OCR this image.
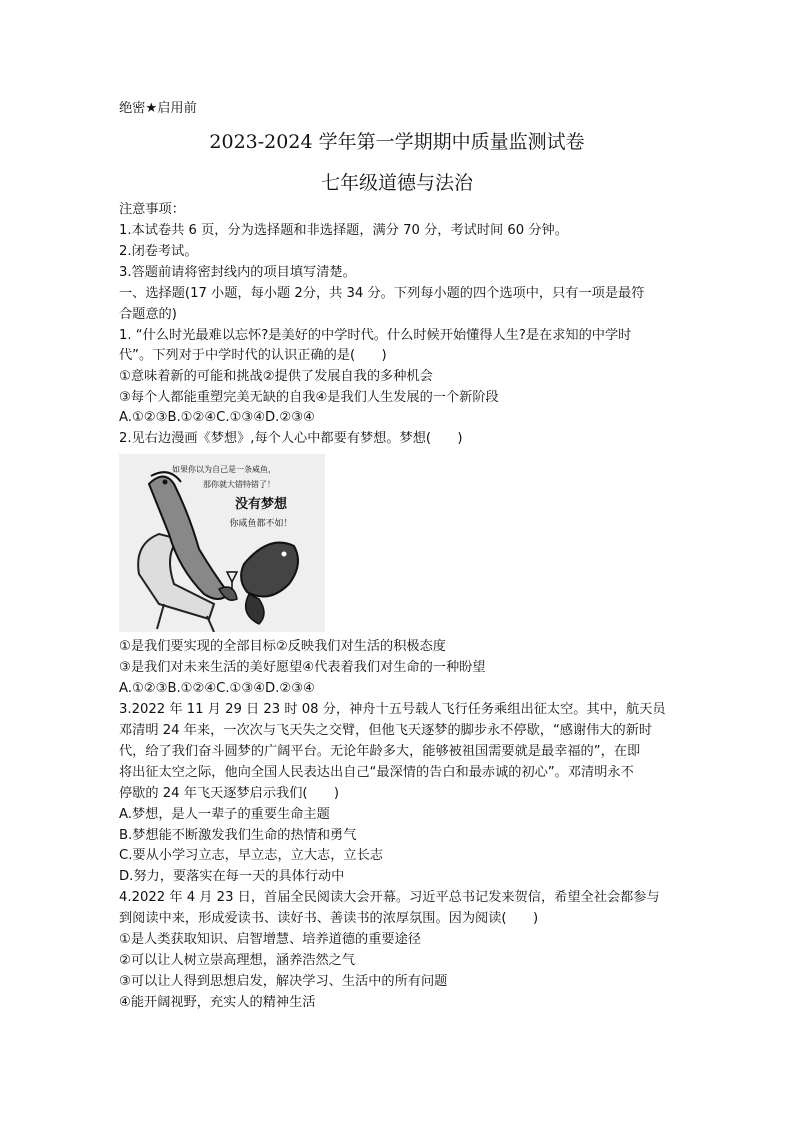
绝密★启用前
2023-2024 学年第一学期期中质量监测试卷
七年级道德与法治
注意事项：
1.本试卷共 6 页，分为选择题和非选择题，满分 70 分，考试时间 60 分钟。
2.闭卷考试。
3.答题前请将密封线内的项目填写清楚。
一、选择题(17 小题，每小题 2分，共 34 分。下列每小题的四个选项中，只有一项是最符
合题意的)
1. “什么时光最难以忘怀?是美好的中学时代。什么时候开始懂得人生?是在求知的中学时
代”。下列对于中学时代的认识正确的是(　　)
①意味着新的可能和挑战②提供了发展自我的多种机会
③每个人都能重塑完美无缺的自我④是我们人生发展的一个新阶段
A.①②③B.①②④C.①③④D.②③④
2.见右边漫画《梦想》,每个人心中都要有梦想。梦想(　　)
如果你以为自己是一条咸鱼，
那你就大错特错了！
没有梦想
你咸鱼都不如！
①是我们要实现的全部目标②反映我们对生活的积极态度
③是我们对未来生活的美好愿望④代表着我们对生命的一种盼望
A.①②③B.①②④C.①③④D.②③④
3.2022 年 11 月 29 日 23 时 08 分，神舟十五号载人飞行任务乘组出征太空。其中，航天员
邓清明 24 年来，一次次与飞天失之交臂，但他飞天逐梦的脚步永不停歇，“感谢伟大的新时
代，给了我们奋斗圆梦的广阔平台。无论年龄多大，能够被祖国需要就是最幸福的”，在即
将出征太空之际，他向全国人民表达出自己“最深情的告白和最赤诚的初心”。邓清明永不
停歇的 24 年飞天逐梦启示我们(　　)
A.梦想，是人一辈子的重要生命主题
B.梦想能不断激发我们生命的热情和勇气
C.要从小学习立志，早立志，立大志，立长志
D.努力，要落实在每一天的具体行动中
4.2022 年 4 月 23 日，首届全民阅读大会开幕。习近平总书记发来贺信，希望全社会都参与
到阅读中来，形成爱读书、读好书、善读书的浓厚氛围。因为阅读(　　)
①是人类获取知识、启智增慧、培养道德的重要途径
②可以让人树立崇高理想，涵养浩然之气
③可以让人得到思想启发，解决学习、生活中的所有问题
④能开阔视野，充实人的精神生活
